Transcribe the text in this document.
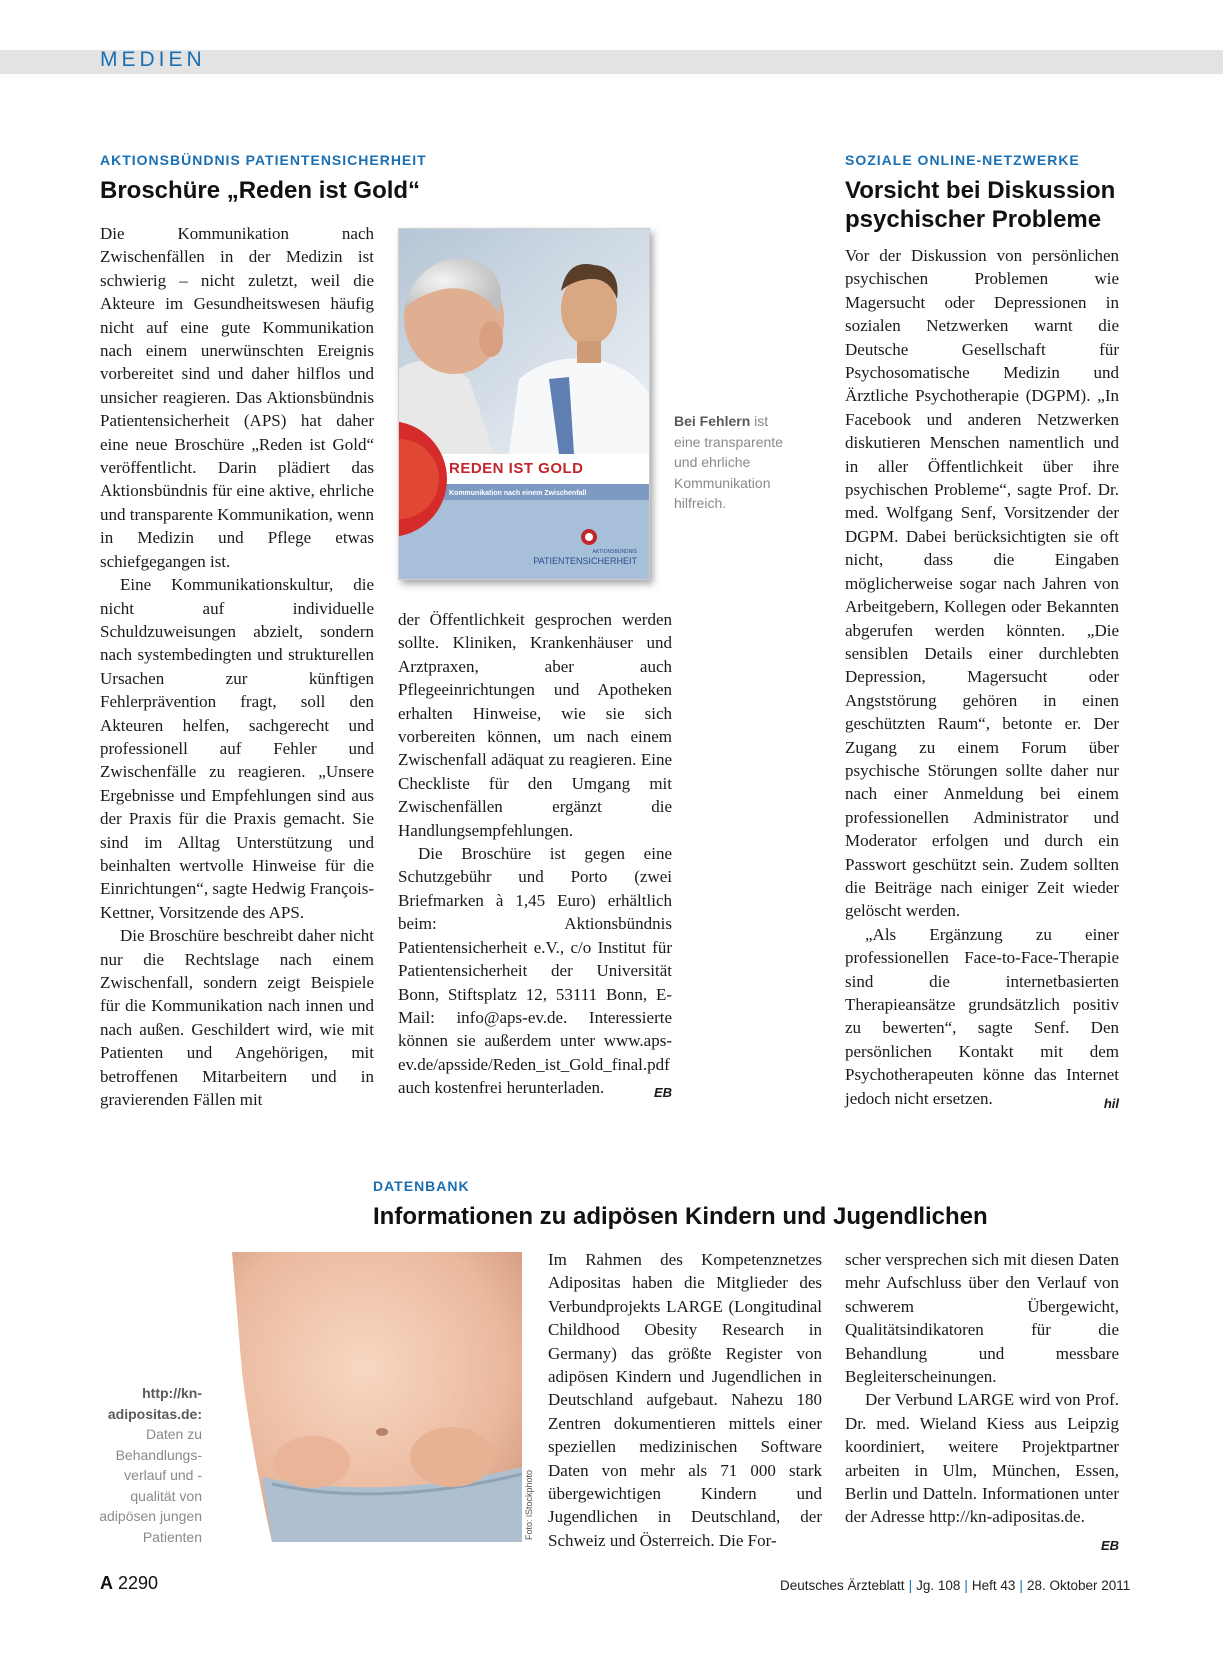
MEDIEN
AKTIONSBÜNDNIS PATIENTENSICHERHEIT
Broschüre „Reden ist Gold“

Die Kommunikation nach Zwischenfällen in der Medizin ist schwierig – nicht zuletzt, weil die Akteure im Gesundheitswesen häufig nicht auf eine gute Kommunikation nach einem unerwünschten Ereignis vorbereitet sind und daher hilflos und unsicher reagieren. Das Aktionsbündnis Patientensicherheit (APS) hat daher eine neue Broschüre „Reden ist Gold“ veröffentlicht. Darin plädiert das Aktionsbündnis für eine aktive, ehrliche und transparente Kommunikation, wenn in Medizin und Pflege etwas schiefgegangen ist.

Eine Kommunikationskultur, die nicht auf individuelle Schuldzuweisungen abzielt, sondern nach systembedingten und strukturellen Ursachen zur künftigen Fehlerprävention fragt, soll den Akteuren helfen, sachgerecht und professionell auf Fehler und Zwischenfälle zu reagieren. „Unsere Ergebnisse und Empfehlungen sind aus der Praxis für die Praxis gemacht. Sie sind im Alltag Unterstützung und beinhalten wertvolle Hinweise für die Einrichtungen“, sagte Hedwig François-Kettner, Vorsitzende des APS.

Die Broschüre beschreibt daher nicht nur die Rechtslage nach einem Zwischenfall, sondern zeigt Beispiele für die Kommunikation nach innen und nach außen. Geschildert wird, wie mit Patienten und Angehörigen, mit betroffenen Mitarbeitern und in gravierenden Fällen mit

REDEN IST GOLD
Kommunikation nach einem Zwischenfall
AKTIONSBÜNDNIS
PATIENTENSICHERHEIT
Bei Fehlern ist eine transparente und ehrliche Kommunikation hilfreich.

der Öffentlichkeit gesprochen werden sollte. Kliniken, Krankenhäuser und Arztpraxen, aber auch Pflegeeinrichtungen und Apotheken erhalten Hinweise, wie sie sich vorbereiten können, um nach einem Zwischenfall adäquat zu reagieren. Eine Checkliste für den Umgang mit Zwischenfällen ergänzt die Handlungsempfehlungen.

Die Broschüre ist gegen eine Schutzgebühr und Porto (zwei Briefmarken à 1,45 Euro) erhältlich beim: Aktionsbündnis Patientensicherheit e.V., c/o Institut für Patientensicherheit der Universität Bonn, Stiftsplatz 12, 53111 Bonn, E-Mail: info@aps-ev.de. Interessierte können sie außerdem unter www.aps-ev.de/apsside/Reden_ist_Gold_final.pdf auch kostenfrei herunterladen.	EB

SOZIALE ONLINE-NETZWERKE
Vorsicht bei Diskussion
psychischer Probleme

Vor der Diskussion von persönlichen psychischen Problemen wie Magersucht oder Depressionen in sozialen Netzwerken warnt die Deutsche Gesellschaft für Psychosomatische Medizin und Ärztliche Psychotherapie (DGPM). „In Facebook und anderen Netzwerken diskutieren Menschen namentlich und in aller Öffentlichkeit über ihre psychischen Probleme“, sagte Prof. Dr. med. Wolfgang Senf, Vorsitzender der DGPM. Dabei berücksichtigten sie oft nicht, dass die Eingaben möglicherweise sogar nach Jahren von Arbeitgebern, Kollegen oder Bekannten abgerufen werden könnten. „Die sensiblen Details einer durchlebten Depression, Magersucht oder Angststörung gehören in einen geschützten Raum“, betonte er. Der Zugang zu einem Forum über psychische Störungen sollte daher nur nach einer Anmeldung bei einem professionellen Administrator und Moderator erfolgen und durch ein Passwort geschützt sein. Zudem sollten die Beiträge nach einiger Zeit wieder gelöscht werden.

„Als Ergänzung zu einer professionellen Face-to-Face-Therapie sind die internetbasierten Therapieansätze grundsätzlich positiv zu bewerten“, sagte Senf. Den persönlichen Kontakt mit dem Psychotherapeuten könne das Internet jedoch nicht ersetzen.	hil

DATENBANK
Informationen zu adipösen Kindern und Jugendlichen
http://kn-
adipositas.de: Daten zu Behandlungs-verlauf und -qualität von adipösen jungen Patienten	Foto: iStockphoto

Im Rahmen des Kompetenznetzes Adipositas haben die Mitglieder des Verbundprojekts LARGE (Longitudinal Childhood Obesity Research in Germany) das größte Register von adipösen Kindern und Jugendlichen in Deutschland aufgebaut. Nahezu 180 Zentren dokumentieren mittels einer speziellen medizinischen Software Daten von mehr als 71 000 stark übergewichtigen Kindern und Jugendlichen in Deutschland, der Schweiz und Österreich. Die For-

scher versprechen sich mit diesen Daten mehr Aufschluss über den Verlauf von schwerem Übergewicht, Qualitätsindikatoren für die Behandlung und messbare Begleiterscheinungen.

Der Verbund LARGE wird von Prof. Dr. med. Wieland Kiess aus Leipzig koordiniert, weitere Projektpartner arbeiten in Ulm, München, Essen, Berlin und Datteln. Informationen unter der Adresse http://kn-adipositas.de.
EB

A 2290	Deutsches Ärzteblatt | Jg. 108 | Heft 43 | 28. Oktober 2011
